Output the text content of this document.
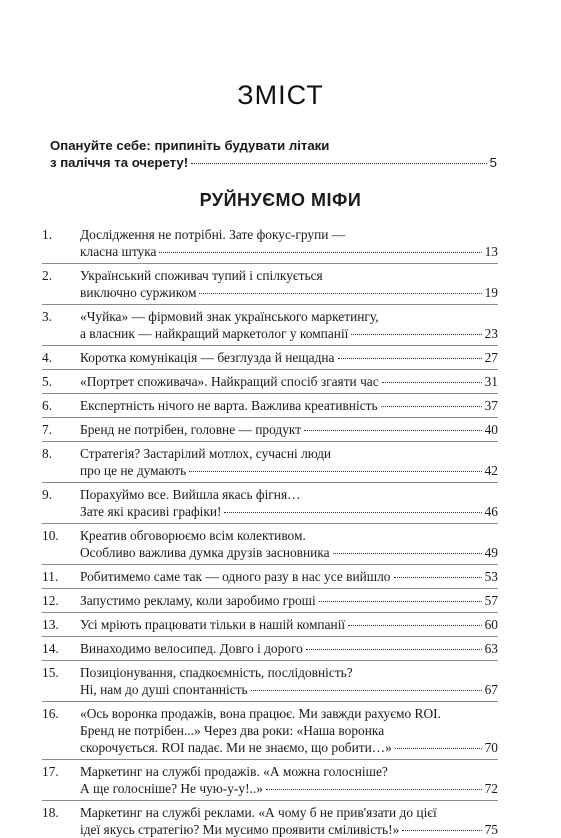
ЗМІСТ
Опануйте себе: припиніть будувати літаки
з паліччя та очерету!	5
РУЙНУЄМО МІФИ
1.	Дослідження не потрібні. Зате фокус-групи —
класна штука	13
2.	Український споживач тупий і спілкується
виключно суржиком	19
3.	«Чуйка» — фірмовий знак українського маркетингу,
а власник — найкращий маркетолог у компанії	23
4.	Коротка комунікація — безглузда й нещадна	27
5.	«Портрет споживача». Найкращий спосіб згаяти час	31
6.	Експертність нічого не варта. Важлива креативність	37
7.	Бренд не потрібен, головне — продукт	40
8.	Стратегія? Застарілий мотлох, сучасні люди
про це не думають	42
9.	Порахуймо все. Вийшла якась фігня…
Зате які красиві графіки!	46
10.	Креатив обговорюємо всім колективом.
Особливо важлива думка друзів засновника	49
11.	Робитимемо саме так — одного разу в нас усе вийшло	53
12.	Запустимо рекламу, коли заробимо гроші	57
13.	Усі мріють працювати тільки в нашій компанії	60
14.	Винаходимо велосипед. Довго і дорого	63
15.	Позиціонування, спадкоємність, послідовність?
Ні, нам до душі спонтанність	67
16.	«Ось воронка продажів, вона працює. Ми завжди рахуємо ROI.
Бренд не потрібен...» Через два роки: «Наша воронка
скорочується. ROI падає. Ми не знаємо, що робити…»	70
17.	Маркетинг на службі продажів. «А можна голосніше?
А ще голосніше? Не чую-у-у!..»	72
18.	Маркетинг на службі реклами. «А чому б не прив'язати до цієї
ідеї якусь стратегію? Ми мусимо проявити сміливість!»	75
